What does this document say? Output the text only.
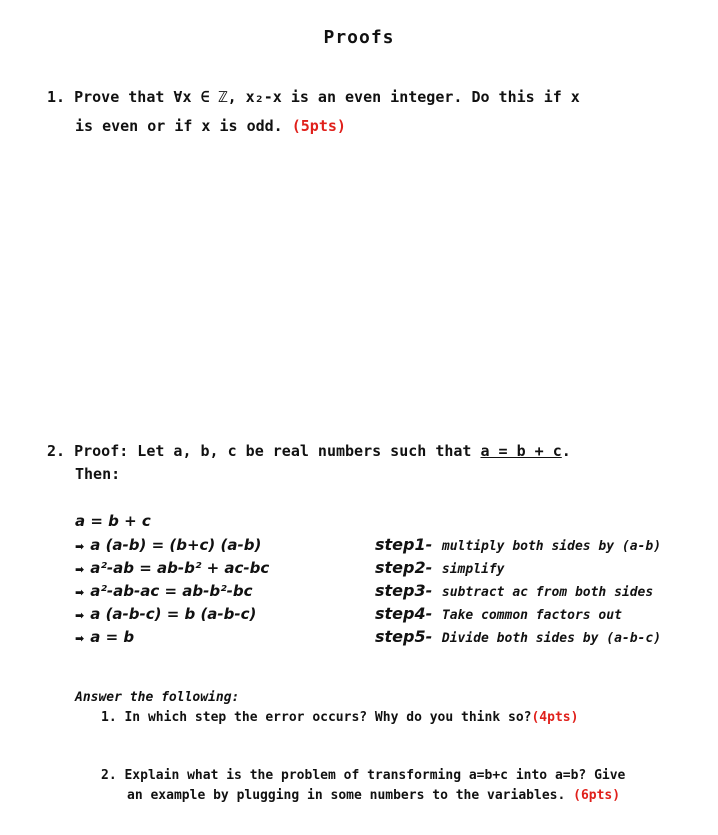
Proofs
1. Prove that ∀x ∈ ℤ, x₂-x is an even integer. Do this if x
is even or if x is odd. (5pts)
2. Proof: Let a, b, c be real numbers such that a = b + c.
Then:
a = b + c
➡ a (a-b) = (b+c) (a-b)
➡ a²-ab = ab-b² + ac-bc
➡ a²-ab-ac = ab-b²-bc
➡ a (a-b-c) = b (a-b-c)
➡ a = b
step1- multiply both sides by (a-b)
step2- simplify
step3- subtract ac from both sides
step4- Take common factors out
step5- Divide both sides by (a-b-c)
Answer the following:
1. In which step the error occurs? Why do you think so?(4pts)
2. Explain what is the problem of transforming a=b+c into a=b? Give
an example by plugging in some numbers to the variables. (6pts)
